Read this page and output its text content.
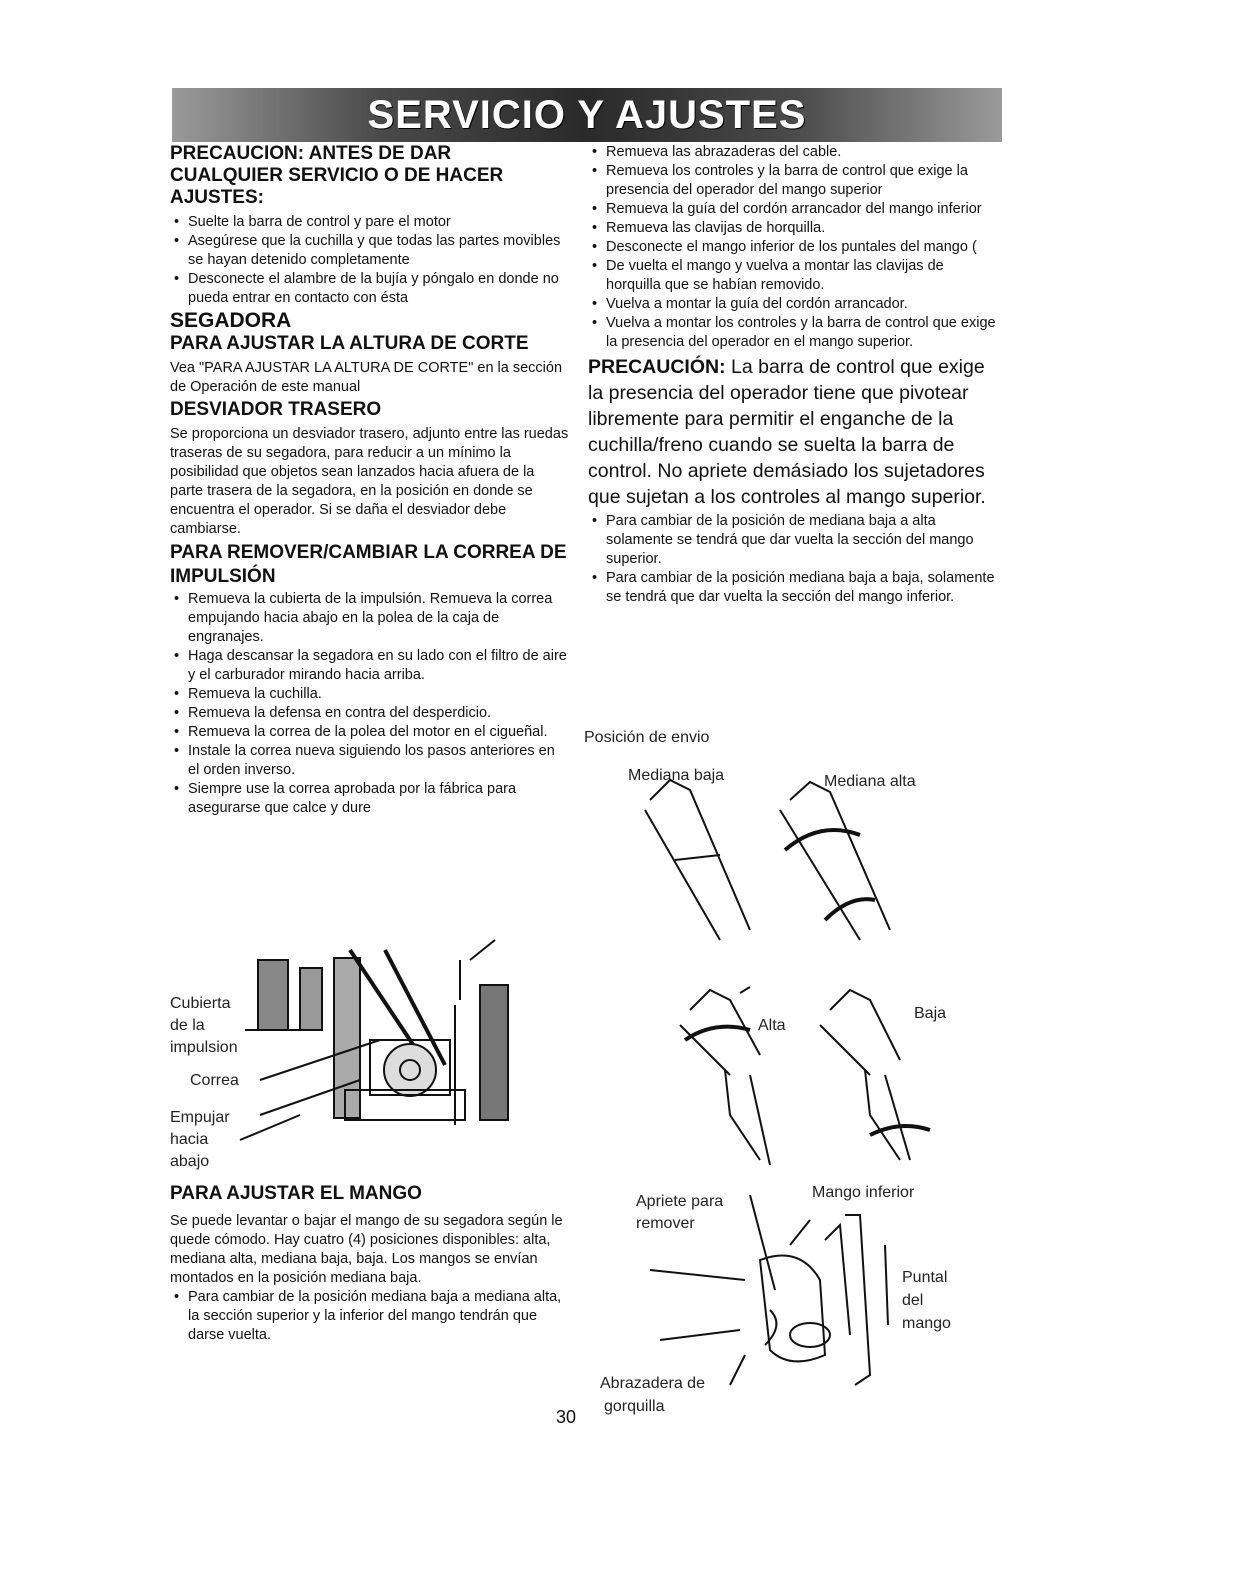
SERVICIO Y AJUSTES
PRECAUCION: ANTES DE DAR CUALQUIER SERVICIO O DE HACER AJUSTES:
• Suelte la barra de control y pare el motor
• Asegúrese que la cuchilla y que todas las partes movibles se hayan detenido completamente
• Desconecte el alambre de la bujía y póngalo en donde no pueda entrar en contacto con ésta
SEGADORA
PARA AJUSTAR LA ALTURA DE CORTE

Vea "PARA AJUSTAR LA ALTURA DE CORTE" en la sección de Operación de este manual

DESVIADOR TRASERO

Se proporciona un desviador trasero, adjunto entre las ruedas traseras de su segadora, para reducir a un mínimo la posibilidad que objetos sean lanzados hacia afuera de la parte trasera de la segadora, en la posición en donde se encuentra el operador. Si se daña el desviador debe cambiarse.

PARA REMOVER/CAMBIAR LA CORREA DE
IMPULSIÓN
• Remueva la cubierta de la impulsión. Remueva la correa empujando hacia abajo en la polea de la caja de engranajes.
• Haga descansar la segadora en su lado con el filtro de aire y el carburador mirando hacia arriba.
• Remueva la cuchilla.
• Remueva la defensa en contra del desperdicio.
• Remueva la correa de la polea del motor en el cigueñal.
• Instale la correa nueva siguiendo los pasos anteriores en el orden inverso.
• Siempre use la correa aprobada por la fábrica para asegurarse que calce y dure
Cubierta
de la
impulsion
Correa
Empujar
hacia
abajo
PARA AJUSTAR EL MANGO

Se puede levantar o bajar el mango de su segadora según le quede cómodo. Hay cuatro (4) posiciones disponibles: alta, mediana alta, mediana baja, baja. Los mangos se envían montados en la posición mediana baja.

• Para cambiar de la posición mediana baja a mediana alta, la sección superior y la inferior del mango tendrán que darse vuelta.
• Remueva las abrazaderas del cable.
• Remueva los controles y la barra de control que exige la presencia del operador del mango superior
• Remueva la guía del cordón arrancador del mango inferior
• Remueva las clavijas de horquilla.
• Desconecte el mango inferior de los puntales del mango (
• De vuelta el mango y vuelva a montar las clavijas de horquilla que se habían removido.
• Vuelva a montar la guía del cordón arrancador.
• Vuelva a montar los controles y la barra de control que exige la presencia del operador en el mango superior.
PRECAUCIÓN: La barra de control que exige la presencia del operador tiene que pivotear libremente para permitir el enganche de la cuchilla/freno cuando se suelta la barra de control. No apriete demásiado los sujetadores que sujetan a los controles al mango superior.
• Para cambiar de la posición de mediana baja a alta solamente se tendrá que dar vuelta la sección del mango superior.
• Para cambiar de la posición mediana baja a baja, solamente se tendrá que dar vuelta la sección del mango inferior.
Posición de envio
Mediana baja	Mediana alta
Alta
Baja
Apriete para
remover
Mango inferior
Puntal
del
mango
Abrazadera de
gorquilla
30
